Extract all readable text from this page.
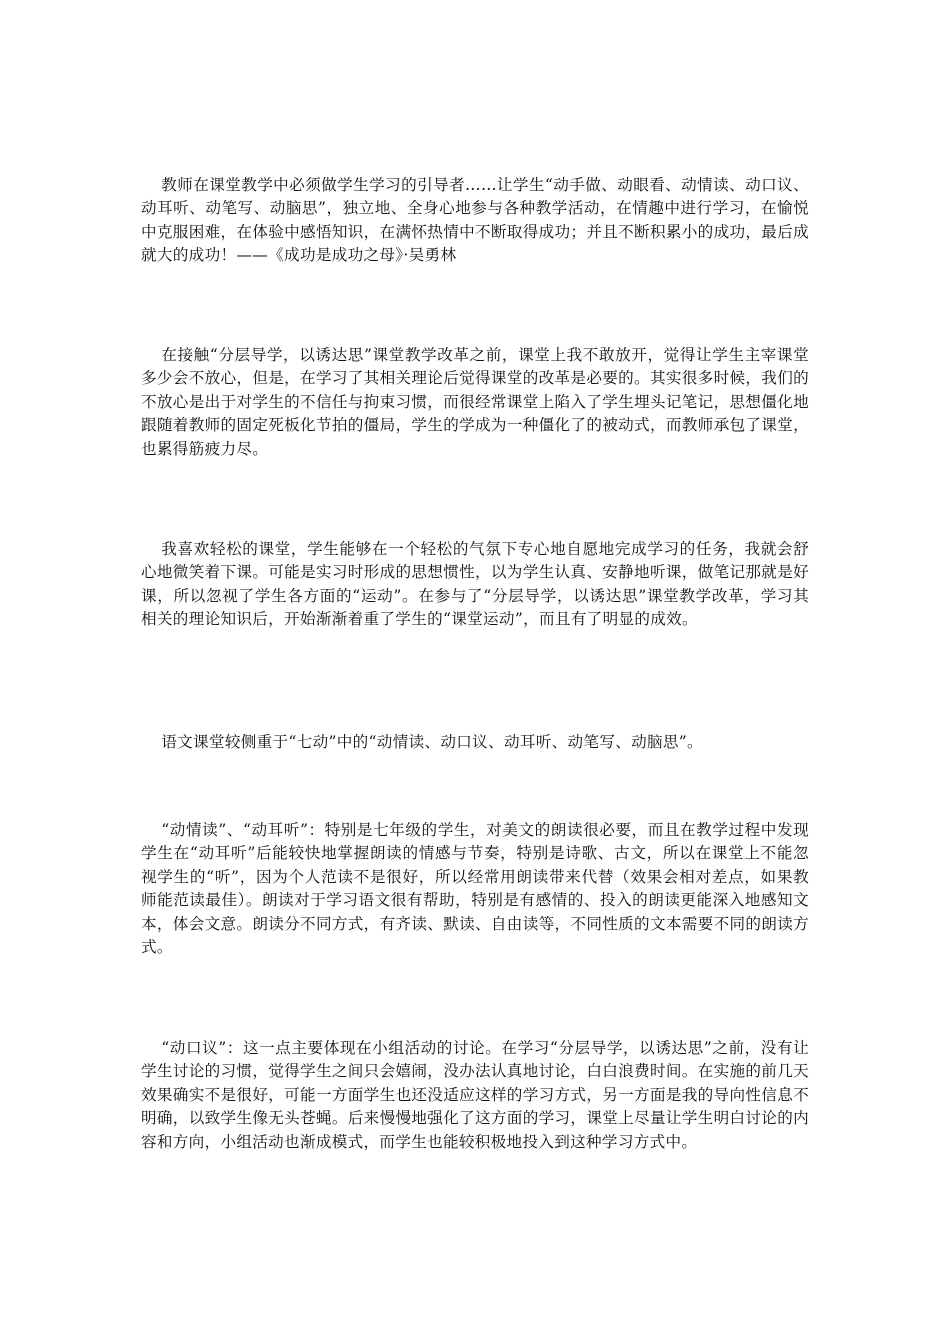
教师在课堂教学中必须做学生学习的引导者……让学生“动手做、动眼看、动情读、动口议、动耳听、动笔写、动脑思”，独立地、全身心地参与各种教学活动，在情趣中进行学习，在愉悦中克服困难，在体验中感悟知识，在满怀热情中不断取得成功；并且不断积累小的成功，最后成就大的成功！——《成功是成功之母》·吴勇林

在接触“分层导学，以诱达思”课堂教学改革之前，课堂上我不敢放开，觉得让学生主宰课堂多少会不放心，但是，在学习了其相关理论后觉得课堂的改革是必要的。其实很多时候，我们的不放心是出于对学生的不信任与拘束习惯，而很经常课堂上陷入了学生埋头记笔记，思想僵化地跟随着教师的固定死板化节拍的僵局，学生的学成为一种僵化了的被动式，而教师承包了课堂，也累得筋疲力尽。

我喜欢轻松的课堂，学生能够在一个轻松的气氛下专心地自愿地完成学习的任务，我就会舒心地微笑着下课。可能是实习时形成的思想惯性，以为学生认真、安静地听课，做笔记那就是好课，所以忽视了学生各方面的“运动”。在参与了“分层导学，以诱达思”课堂教学改革，学习其相关的理论知识后，开始渐渐着重了学生的“课堂运动”，而且有了明显的成效。

语文课堂较侧重于“七动”中的“动情读、动口议、动耳听、动笔写、动脑思”。

“动情读”、“动耳听”：特别是七年级的学生，对美文的朗读很必要，而且在教学过程中发现学生在“动耳听”后能较快地掌握朗读的情感与节奏，特别是诗歌、古文，所以在课堂上不能忽视学生的“听”，因为个人范读不是很好，所以经常用朗读带来代替（效果会相对差点，如果教师能范读最佳）。朗读对于学习语文很有帮助，特别是有感情的、投入的朗读更能深入地感知文本，体会文意。朗读分不同方式，有齐读、默读、自由读等，不同性质的文本需要不同的朗读方式。

“动口议”：这一点主要体现在小组活动的讨论。在学习“分层导学，以诱达思”之前，没有让学生讨论的习惯，觉得学生之间只会嬉闹，没办法认真地讨论，白白浪费时间。在实施的前几天效果确实不是很好，可能一方面学生也还没适应这样的学习方式，另一方面是我的导向性信息不明确，以致学生像无头苍蝇。后来慢慢地强化了这方面的学习，课堂上尽量让学生明白讨论的内容和方向，小组活动也渐成模式，而学生也能较积极地投入到这种学习方式中。
